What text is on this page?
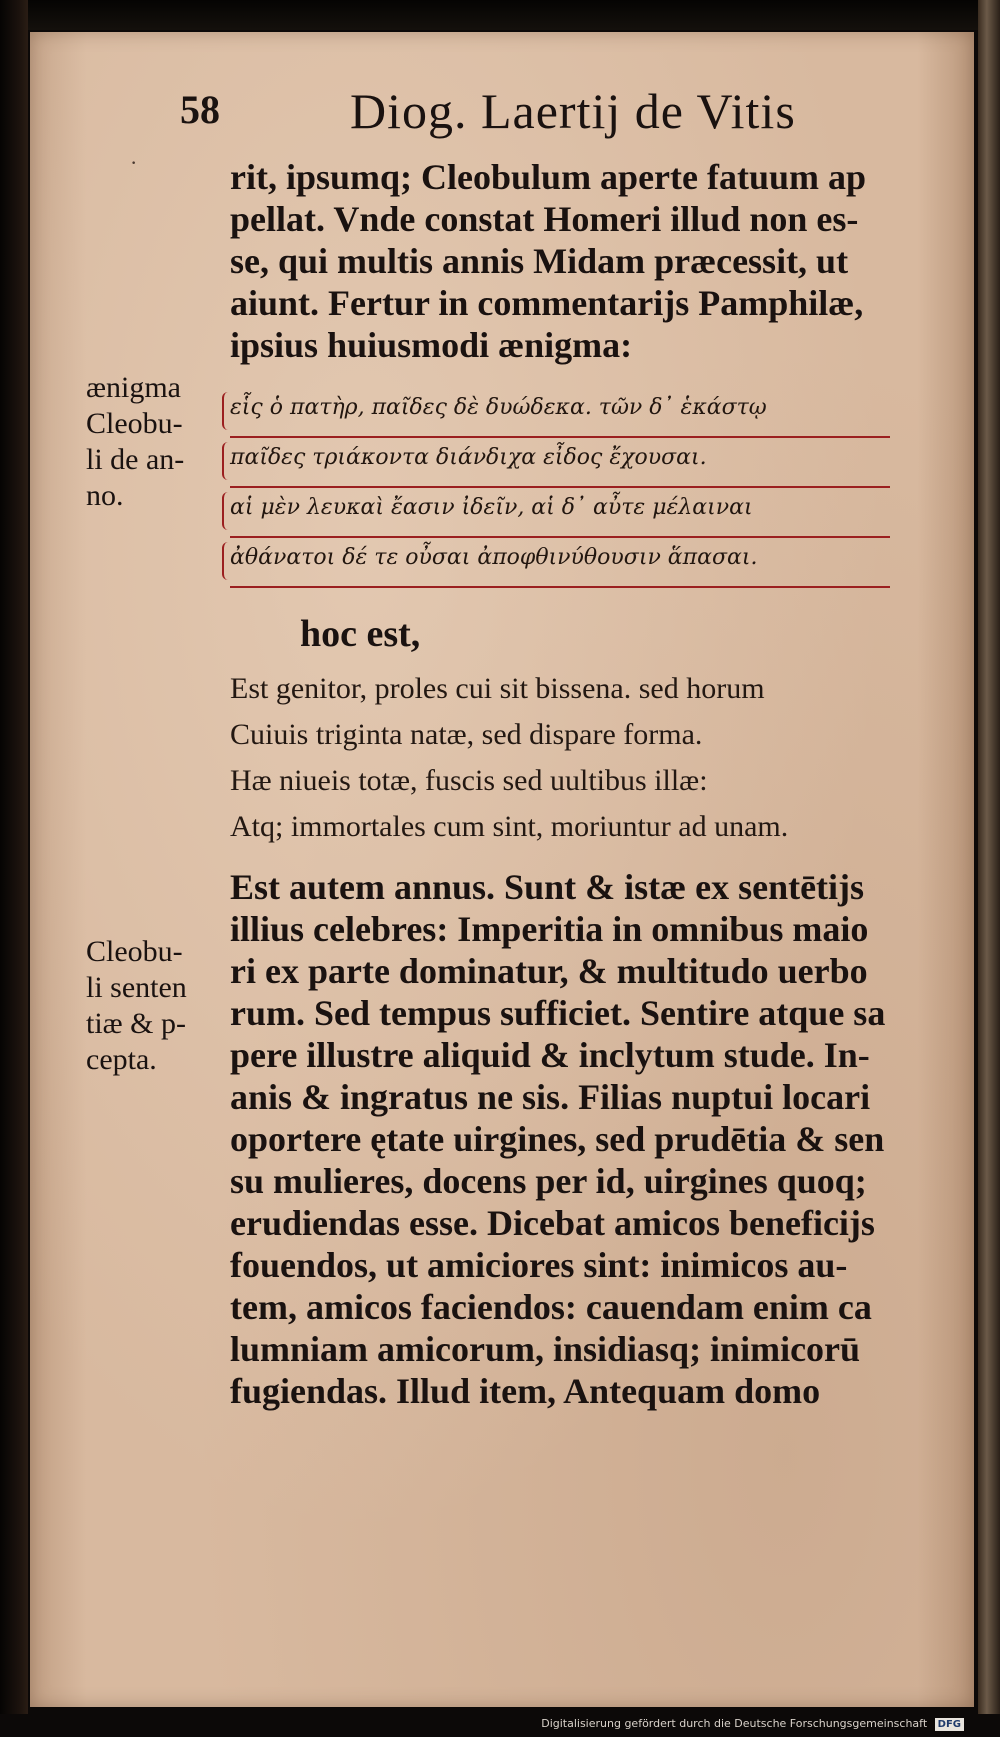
58	Diog. Laertij de Vitis
·	rit, ipsumq; Cleobulum aperte fatuum ap
pellat. Vnde constat Homeri illud non es-
se, qui multis annis Midam præcessit, ut
aiunt. Fertur in commentarijs Pamphilæ,
ipsius huiusmodi ænigma:
ænigma
Cleobu-
li de an-
no.
εἷς ὁ πατὴρ, παῖδες δὲ δυώδεκα. τῶν δ᾽ ἑκάστῳ
παῖδες τριάκοντα διάνδιχα εἶδος ἔχουσαι.
αἱ μὲν λευκαὶ ἔασιν ἰδεῖν, αἱ δ᾽ αὖτε μέλαιναι
ἀθάνατοι δέ τε οὖσαι ἀποφθινύθουσιν ἅπασαι.
hoc est,
Est genitor, proles cui sit bissena. sed horum
Cuiuis triginta natæ, sed dispare forma.
Hæ niueis totæ, fuscis sed uultibus illæ:
Atq; immortales cum sint, moriuntur ad unam.
Cleobu-
li senten
tiæ & p-
cepta.
Est autem annus. Sunt & istæ ex sentētijs
illius celebres: Imperitia in omnibus maio
ri ex parte dominatur, & multitudo uerbo
rum. Sed tempus sufficiet. Sentire atque sa
pere illustre aliquid & inclytum stude. In-
anis & ingratus ne sis. Filias nuptui locari
oportere ętate uirgines, sed prudētia & sen
su mulieres, docens per id, uirgines quoq;
erudiendas esse. Dicebat amicos beneficijs
fouendos, ut amiciores sint: inimicos au-
tem, amicos faciendos: cauendam enim ca
lumniam amicorum, insidiasq; inimicorū
fugiendas. Illud item, Antequam domo
Digitalisierung gefördert durch die Deutsche Forschungsgemeinschaft DFG
